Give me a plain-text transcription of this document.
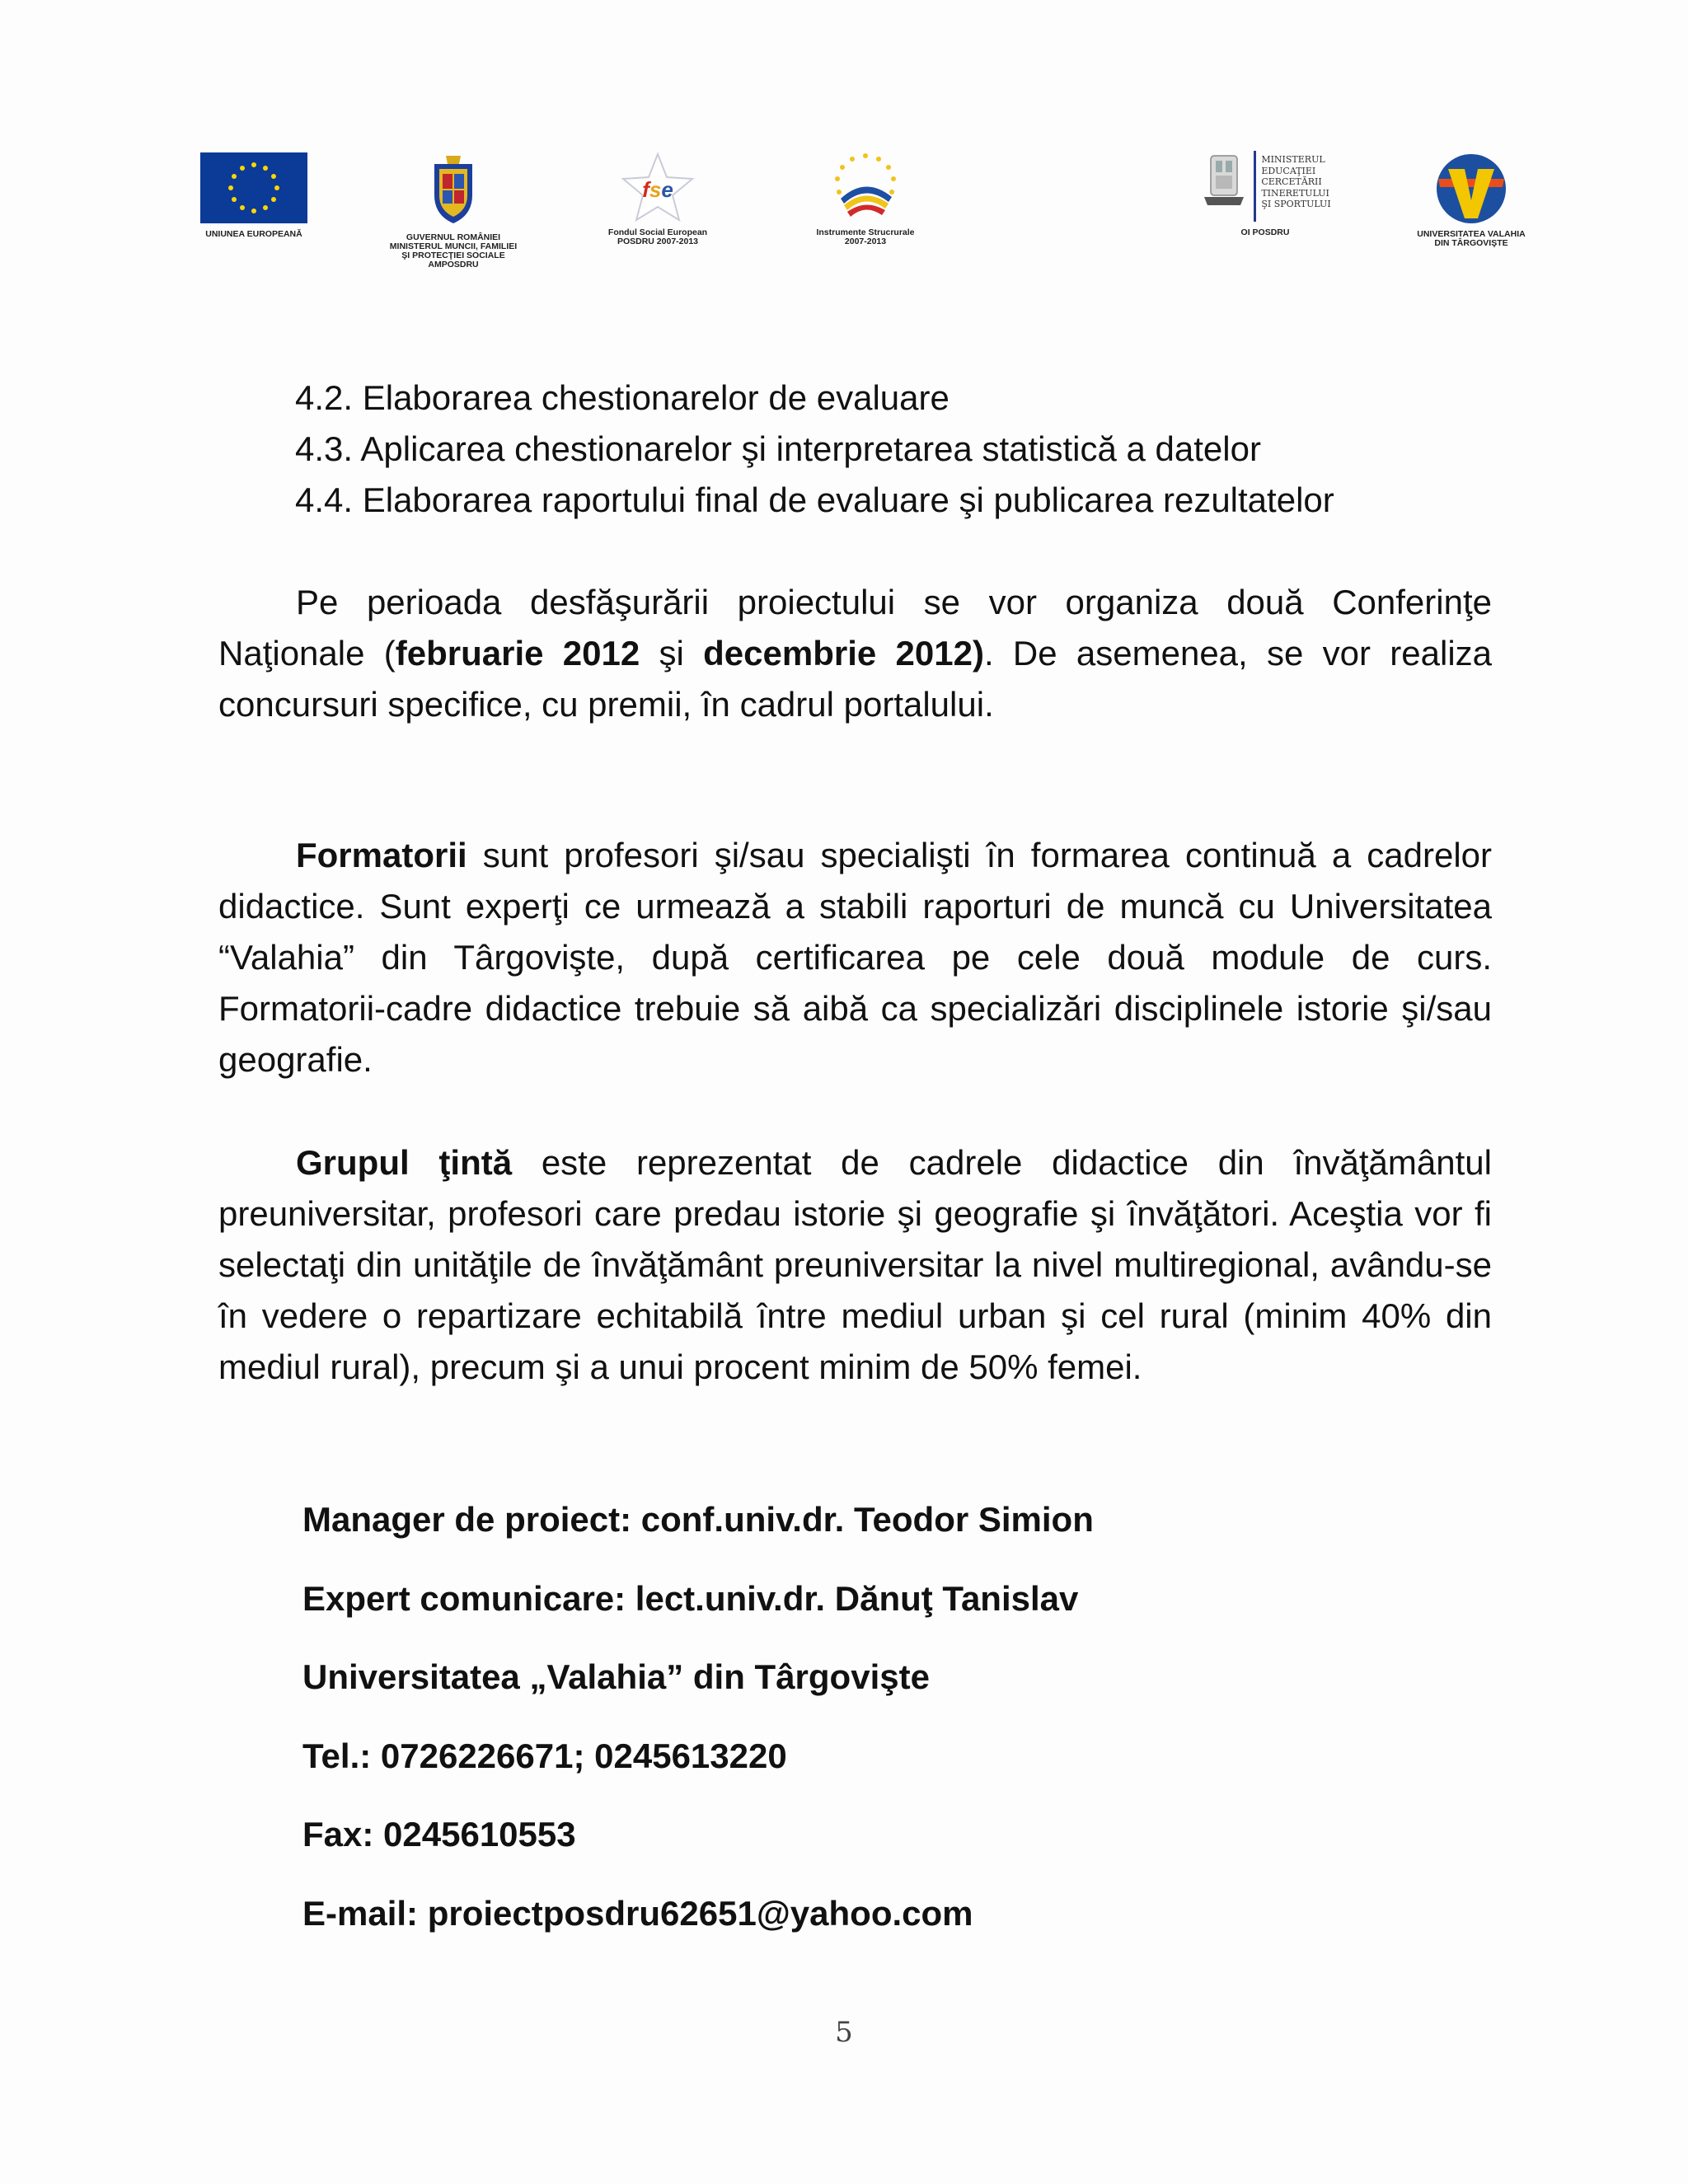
UNIUNEA EUROPEANĂ	GUVERNUL ROMÂNIEI
MINISTERUL MUNCII, FAMILIEI
ŞI PROTECŢIEI SOCIALE
AMPOSDRU
fse
Fondul Social European
POSDRU 2007-2013
Instrumente Strucrurale
2007-2013
MINISTERUL
EDUCAŢIEI
CERCETĂRII
TINERETULUI
ŞI SPORTULUI
OI POSDRU	UNIVERSITATEA VALAHIA
DIN TÂRGOVIŞTE
4.2. Elaborarea chestionarelor de evaluare
4.3. Aplicarea chestionarelor şi interpretarea statistică a datelor
4.4. Elaborarea raportului final de evaluare şi publicarea rezultatelor

Pe perioada desfăşurării proiectului se vor organiza două Conferinţe Naţionale (februarie 2012 şi decembrie 2012). De asemenea, se vor realiza concursuri specifice, cu premii, în cadrul portalului.

Formatorii sunt profesori şi/sau specialişti în formarea continuă a cadrelor didactice. Sunt experţi ce urmează a stabili raporturi de muncă cu Universitatea “Valahia” din Târgovişte, după certificarea pe cele două module de curs. Formatorii-cadre didactice trebuie să aibă ca specializări disciplinele istorie şi/sau geografie.

Grupul ţintă este reprezentat de cadrele didactice din învăţământul preuniversitar, profesori care predau istorie şi geografie şi învăţători. Aceştia vor fi selectaţi din unităţile de învăţământ preuniversitar la nivel multiregional, avându-se în vedere o repartizare echitabilă între mediul urban şi cel rural (minim 40% din mediul rural), precum şi a unui procent minim de 50% femei.

Manager de proiect: conf.univ.dr. Teodor Simion
Expert comunicare: lect.univ.dr. Dănuţ Tanislav
Universitatea „Valahia” din Târgovişte
Tel.: 0726226671; 0245613220
Fax: 0245610553
E-mail: proiectposdru62651@yahoo.com
5
